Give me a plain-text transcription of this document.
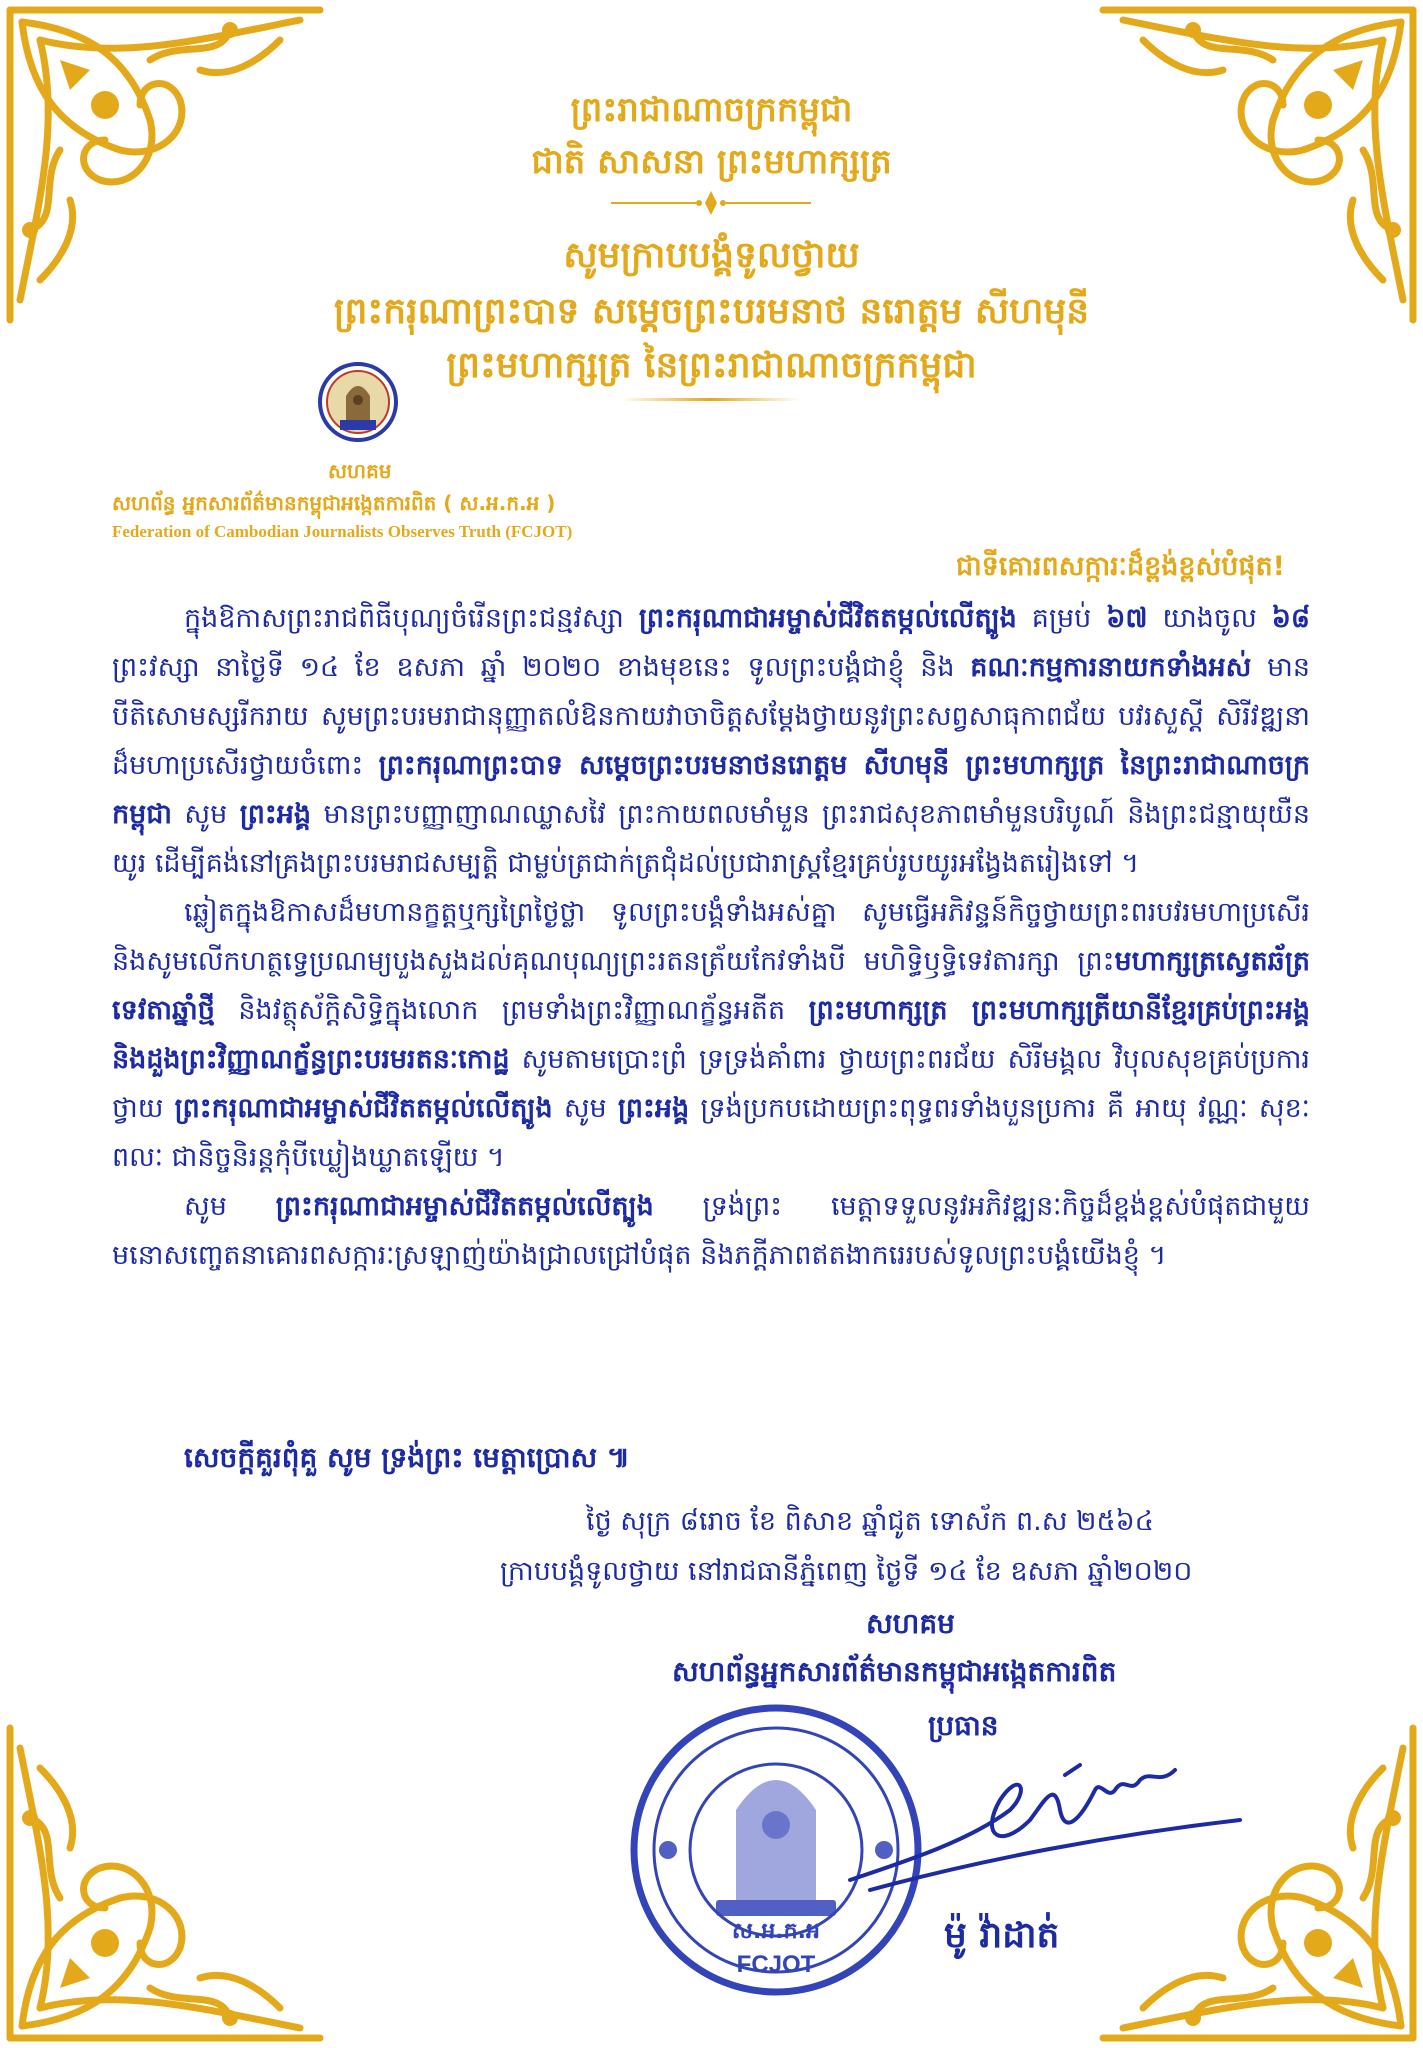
ព្រះរាជាណាចក្រកម្ពុជា
ជាតិ សាសនា ព្រះមហាក្សត្រ
សូមក្រាបបង្គំទូលថ្វាយ
ព្រះករុណាព្រះបាទ សម្តេចព្រះបរមនាថ នរោត្តម សីហមុនី
ព្រះមហាក្សត្រ នៃព្រះរាជាណាចក្រកម្ពុជា
សហគម
សហព័ន្ធ អ្នកសារព័ត៌មានកម្ពុជាអង្កេតការពិត ( ស.អ.ក.អ )
Federation of Cambodian Journalists Observes Truth (FCJOT)
ជាទីគោរពសក្ការៈដ៏ខ្ពង់ខ្ពស់បំផុត!

ក្នុងឱកាសព្រះរាជពិធីបុណ្យចំរើនព្រះជន្មវស្សា ព្រះករុណាជាអម្ចាស់ជីវិតតម្កល់លើត្បូង គម្រប់ ៦៧ យាងចូល ៦៨ ព្រះវស្សា នាថ្ងៃទី ១៤ ខែ ឧសភា ឆ្នាំ ២០២០ ខាងមុខនេះ ទូលព្រះបង្គំជាខ្ញុំ និង គណៈកម្មការនាយកទាំងអស់ មានបីតិសោមស្សរីករាយ សូមព្រះបរមរាជានុញ្ញាតលំឱនកាយវាចាចិត្តសម្តែងថ្វាយនូវព្រះសព្វសាធុកាពជ័យ បវរសួស្តី សិរីវឌ្ឍនាដ៏មហាប្រសើរថ្វាយចំពោះ ព្រះករុណាព្រះបាទ សម្តេចព្រះបរមនាថនរោត្តម សីហមុនី ព្រះមហាក្សត្រ នៃព្រះរាជាណាចក្រកម្ពុជា សូម ព្រះអង្គ មានព្រះបញ្ញាញាណឈ្លាសវៃ ព្រះកាយពលមាំមួន ព្រះរាជសុខភាពមាំមួនបរិបូណ៍ និងព្រះជន្មាយុយឺនយូរ ដើម្បីគង់នៅគ្រងព្រះបរមរាជសម្បត្តិ ជាម្លប់ត្រជាក់ត្រជុំដល់ប្រជារាស្ត្រខ្មែរគ្រប់រូបយូរអង្វែងតរៀងទៅ ។

ឆ្លៀតក្នុងឱកាសដ៏មហានក្ខត្តឬក្សព្រៃថ្ងៃថ្លា ទូលព្រះបង្គំទាំងអស់គ្នា សូមធ្វើអភិវន្ទន៍កិច្ចថ្វាយព្រះពរបវរមហាប្រសើរ និងសូមលើកហត្ថទ្វេប្រណម្យបួងសួងដល់គុណបុណ្យព្រះរតនត្រ័យកែវទាំងបី មហិទ្ធិឫទ្ធិទេវតារក្សា ព្រះមហាក្សត្រស្វេតឆ័ត្រទេវតាឆ្នាំថ្មី និងវត្ថុស័ក្តិសិទ្ធិក្នុងលោក ព្រមទាំងព្រះវិញ្ញាណក្ខ័ន្ធអតីត ព្រះមហាក្សត្រ ព្រះមហាក្សត្រីយានីខ្មែរគ្រប់ព្រះអង្គ និងដួងព្រះវិញ្ញាណក្ខ័ន្ធព្រះបរមរតនៈកោដ្ឋ សូមតាមប្រោះព្រំ ទ្រទ្រង់គាំពារ ថ្វាយព្រះពរជ័យ សិរីមង្គល វិបុលសុខគ្រប់ប្រការថ្វាយ ព្រះករុណាជាអម្ចាស់ជីវិតតម្កល់លើត្បូង សូម ព្រះអង្គ ទ្រង់ប្រកបដោយព្រះពុទ្ធពរទាំងបួនប្រការ គឺ អាយុ វណ្ណៈ សុខៈ ពលៈ ជានិច្ចនិរន្តកុំបីឃ្លៀងឃ្លាតឡើយ ។

សូម ព្រះករុណាជាអម្ចាស់ជីវិតតម្កល់លើត្បូង ទ្រង់ព្រះ មេត្តាទទួលនូវអភិវឌ្ឍនៈកិច្ចដ៏ខ្ពង់ខ្ពស់បំផុតជាមួយមនោសញ្ចេតនាគោរពសក្ការៈស្រឡាញ់យ៉ាងជ្រាលជ្រៅបំផុត និងភក្តីភាពឥតងាករេរបស់ទូលព្រះបង្គំយើងខ្ញុំ ។

សេចក្តីគួរពុំគួ សូម ទ្រង់ព្រះ មេត្តាប្រោស ៕
ថ្ងៃ សុក្រ ៨រោច ខែ ពិសាខ ឆ្នាំជូត ទោស័ក ព.ស ២៥៦៤
ក្រាបបង្គំទូលថ្វាយ នៅរាជធានីភ្នំពេញ ថ្ងៃទី ១៤ ខែ ឧសភា ឆ្នាំ២០២០
ស.អ.ក.អ
FCJOT
សហគម
សហព័ន្ធអ្នកសារព័ត៌មានកម្ពុជាអង្កេតការពិត
ប្រធាន
ម៉ូ វ៉ាដាត់
